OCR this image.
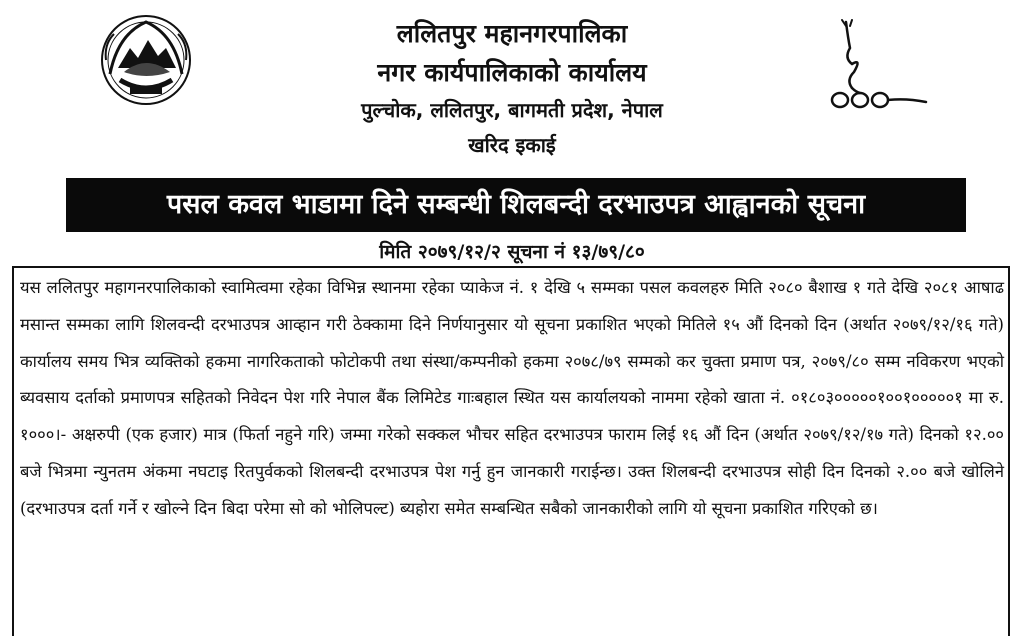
ललितपुर महानगरपालिका
नगर कार्यपालिकाको कार्यालय
पुल्चोक, ललितपुर, बागमती प्रदेश, नेपाल
खरिद इकाई
पसल कवल भाडामा दिने सम्बन्धी शिलबन्दी दरभाउपत्र आह्वानको सूचना
मिति २०७९/१२/२ सूचना नं १३/७९/८०
यस ललितपुर महागनरपालिकाको स्वामित्वमा रहेका विभिन्न स्थानमा रहेका प्याकेज नं. १ देखि ५ सम्मका पसल कवलहरु मिति २०८० बैशाख १ गते देखि २०८१ आषाढ मसान्त सम्मका लागि शिलवन्दी दरभाउपत्र आव्हान गरी ठेक्कामा दिने निर्णयानुसार यो सूचना प्रकाशित भएको मितिले १५ औं दिनको दिन (अर्थात २०७९/१२/१६ गते) कार्यालय समय भित्र व्यक्तिको हकमा नागरिकताको फोटोकपी तथा संस्था/कम्पनीको हकमा २०७८/७९ सम्मको कर चुक्ता प्रमाण पत्र, २०७९/८० सम्म नविकरण भएको ब्यवसाय दर्ताको प्रमाणपत्र सहितको निवेदन पेश गरि नेपाल बैंक लिमिटेड गाःबहाल स्थित यस कार्यालयको नाममा रहेको खाता नं. ०१८०३०००००१००१०००००१ मा रु. १०००।- अक्षरुपी (एक हजार) मात्र (फिर्ता नहुने गरि) जम्मा गरेको सक्कल भौचर सहित दरभाउपत्र फाराम लिई १६ औं दिन (अर्थात २०७९/१२/१७ गते) दिनको १२.०० बजे भित्रमा न्युनतम अंकमा नघटाइ रितपुर्वकको शिलबन्दी दरभाउपत्र पेश गर्नु हुन जानकारी गराईन्छ। उक्त शिलबन्दी दरभाउपत्र सोही दिन दिनको २.०० बजे खोलिने (दरभाउपत्र दर्ता गर्ने र खोल्ने दिन बिदा परेमा सो को भोलिपल्ट) ब्यहोरा समेत सम्बन्धित सबैको जानकारीको लागि यो सूचना प्रकाशित गरिएको छ।
